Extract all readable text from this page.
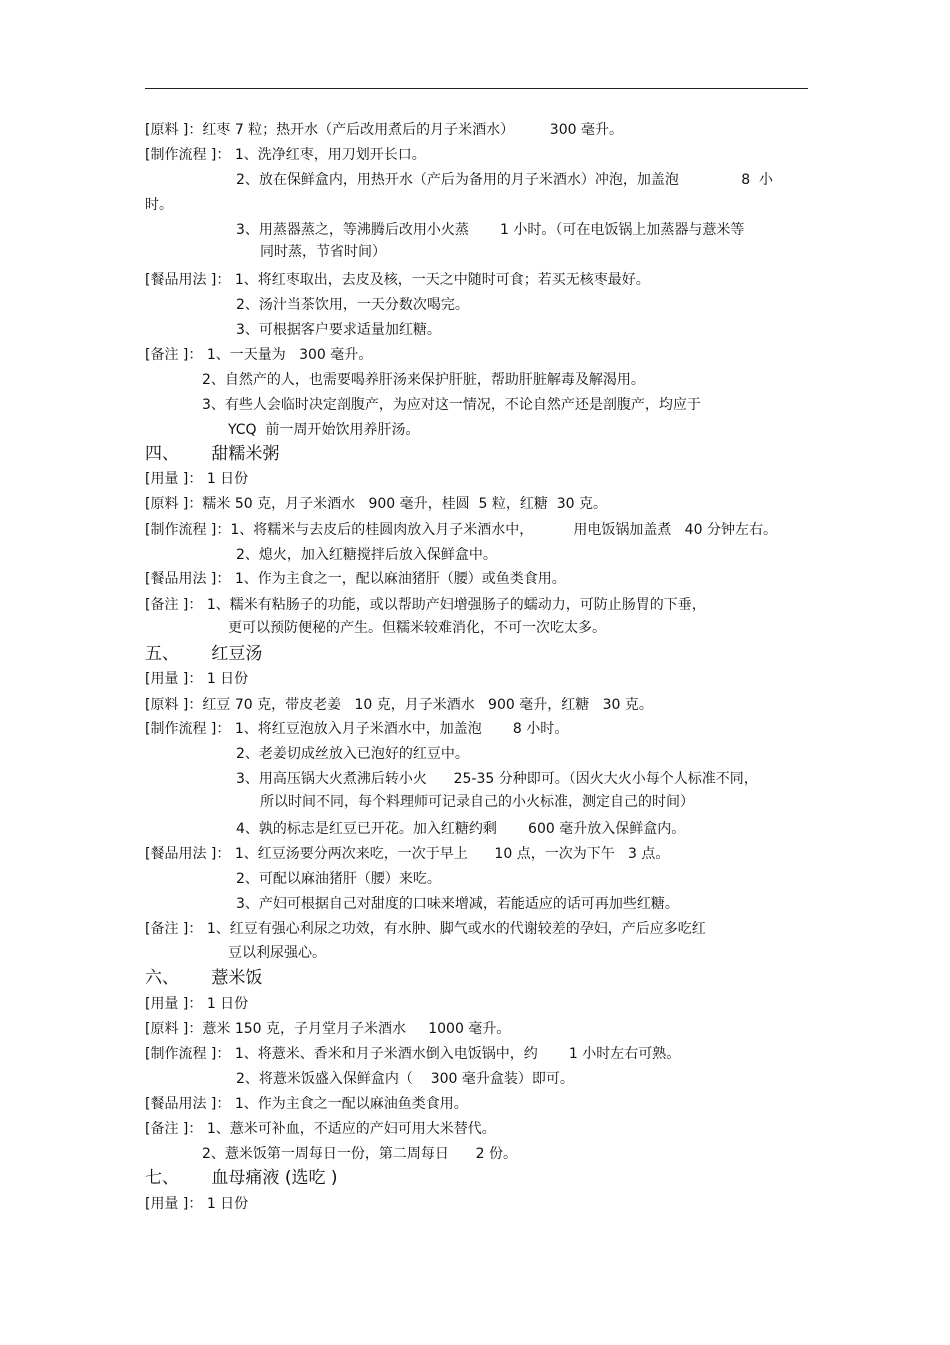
[原料 ]：红枣 7 粒；热开水（产后改用煮后的月子米酒水）        300 毫升。
[制作流程 ]： 1、洗净红枣，用刀划开长口。
2、放在保鲜盒内，用热开水（产后为备用的月子米酒水）冲泡，加盖泡              8  小
时。
3、用蒸器蒸之，等沸腾后改用小火蒸       1 小时。（可在电饭锅上加蒸器与薏米等
同时蒸，节省时间）
[餐品用法 ]： 1、将红枣取出，去皮及核，一天之中随时可食；若买无核枣最好。
2、汤汁当茶饮用，一天分数次喝完。
3、可根据客户要求适量加红糖。
[备注 ]： 1、一天量为   300 毫升。
2、自然产的人，也需要喝养肝汤来保护肝脏，帮助肝脏解毒及解渴用。
3、有些人会临时决定剖腹产，为应对这一情况，不论自然产还是剖腹产，均应于
YCQ  前一周开始饮用养肝汤。
四、      甜糯米粥
[用量 ]： 1 日份
[原料 ]：糯米 50 克，月子米酒水   900 毫升，桂圆  5 粒，红糖  30 克。
[制作流程 ]：1、将糯米与去皮后的桂圆肉放入月子米酒水中，         用电饭锅加盖煮   40 分钟左右。
2、熄火，加入红糖搅拌后放入保鲜盒中。
[餐品用法 ]： 1、作为主食之一，配以麻油猪肝（腰）或鱼类食用。
[备注 ]： 1、糯米有粘肠子的功能，或以帮助产妇增强肠子的蠕动力，可防止肠胃的下垂，
更可以预防便秘的产生。但糯米较难消化，不可一次吃太多。
五、      红豆汤
[用量 ]： 1 日份
[原料 ]：红豆 70 克，带皮老姜   10 克，月子米酒水   900 毫升，红糖   30 克。
[制作流程 ]： 1、将红豆泡放入月子米酒水中，加盖泡       8 小时。
2、老姜切成丝放入已泡好的红豆中。
3、用高压锅大火煮沸后转小火      25-35 分种即可。（因火大火小每个人标准不同，
所以时间不同，每个料理师可记录自己的小火标准，测定自己的时间）
4、孰的标志是红豆已开花。加入红糖约剩       600 毫升放入保鲜盒内。
[餐品用法 ]： 1、红豆汤要分两次来吃，一次于早上      10 点，一次为下午   3 点。
2、可配以麻油猪肝（腰）来吃。
3、产妇可根据自己对甜度的口味来增减，若能适应的话可再加些红糖。
[备注 ]： 1、红豆有强心利尿之功效，有水肿、脚气或水的代谢较差的孕妇，产后应多吃红
豆以利尿强心。
六、      薏米饭
[用量 ]： 1 日份
[原料 ]：薏米 150 克，子月堂月子米酒水     1000 毫升。
[制作流程 ]： 1、将薏米、香米和月子米酒水倒入电饭锅中，约       1 小时左右可熟。
2、将薏米饭盛入保鲜盒内（    300 毫升盒装）即可。
[餐品用法 ]： 1、作为主食之一配以麻油鱼类食用。
[备注 ]： 1、薏米可补血，不适应的产妇可用大米替代。
2、薏米饭第一周每日一份，第二周每日      2 份。
七、      血母痛液 (选吃 )
[用量 ]： 1 日份
